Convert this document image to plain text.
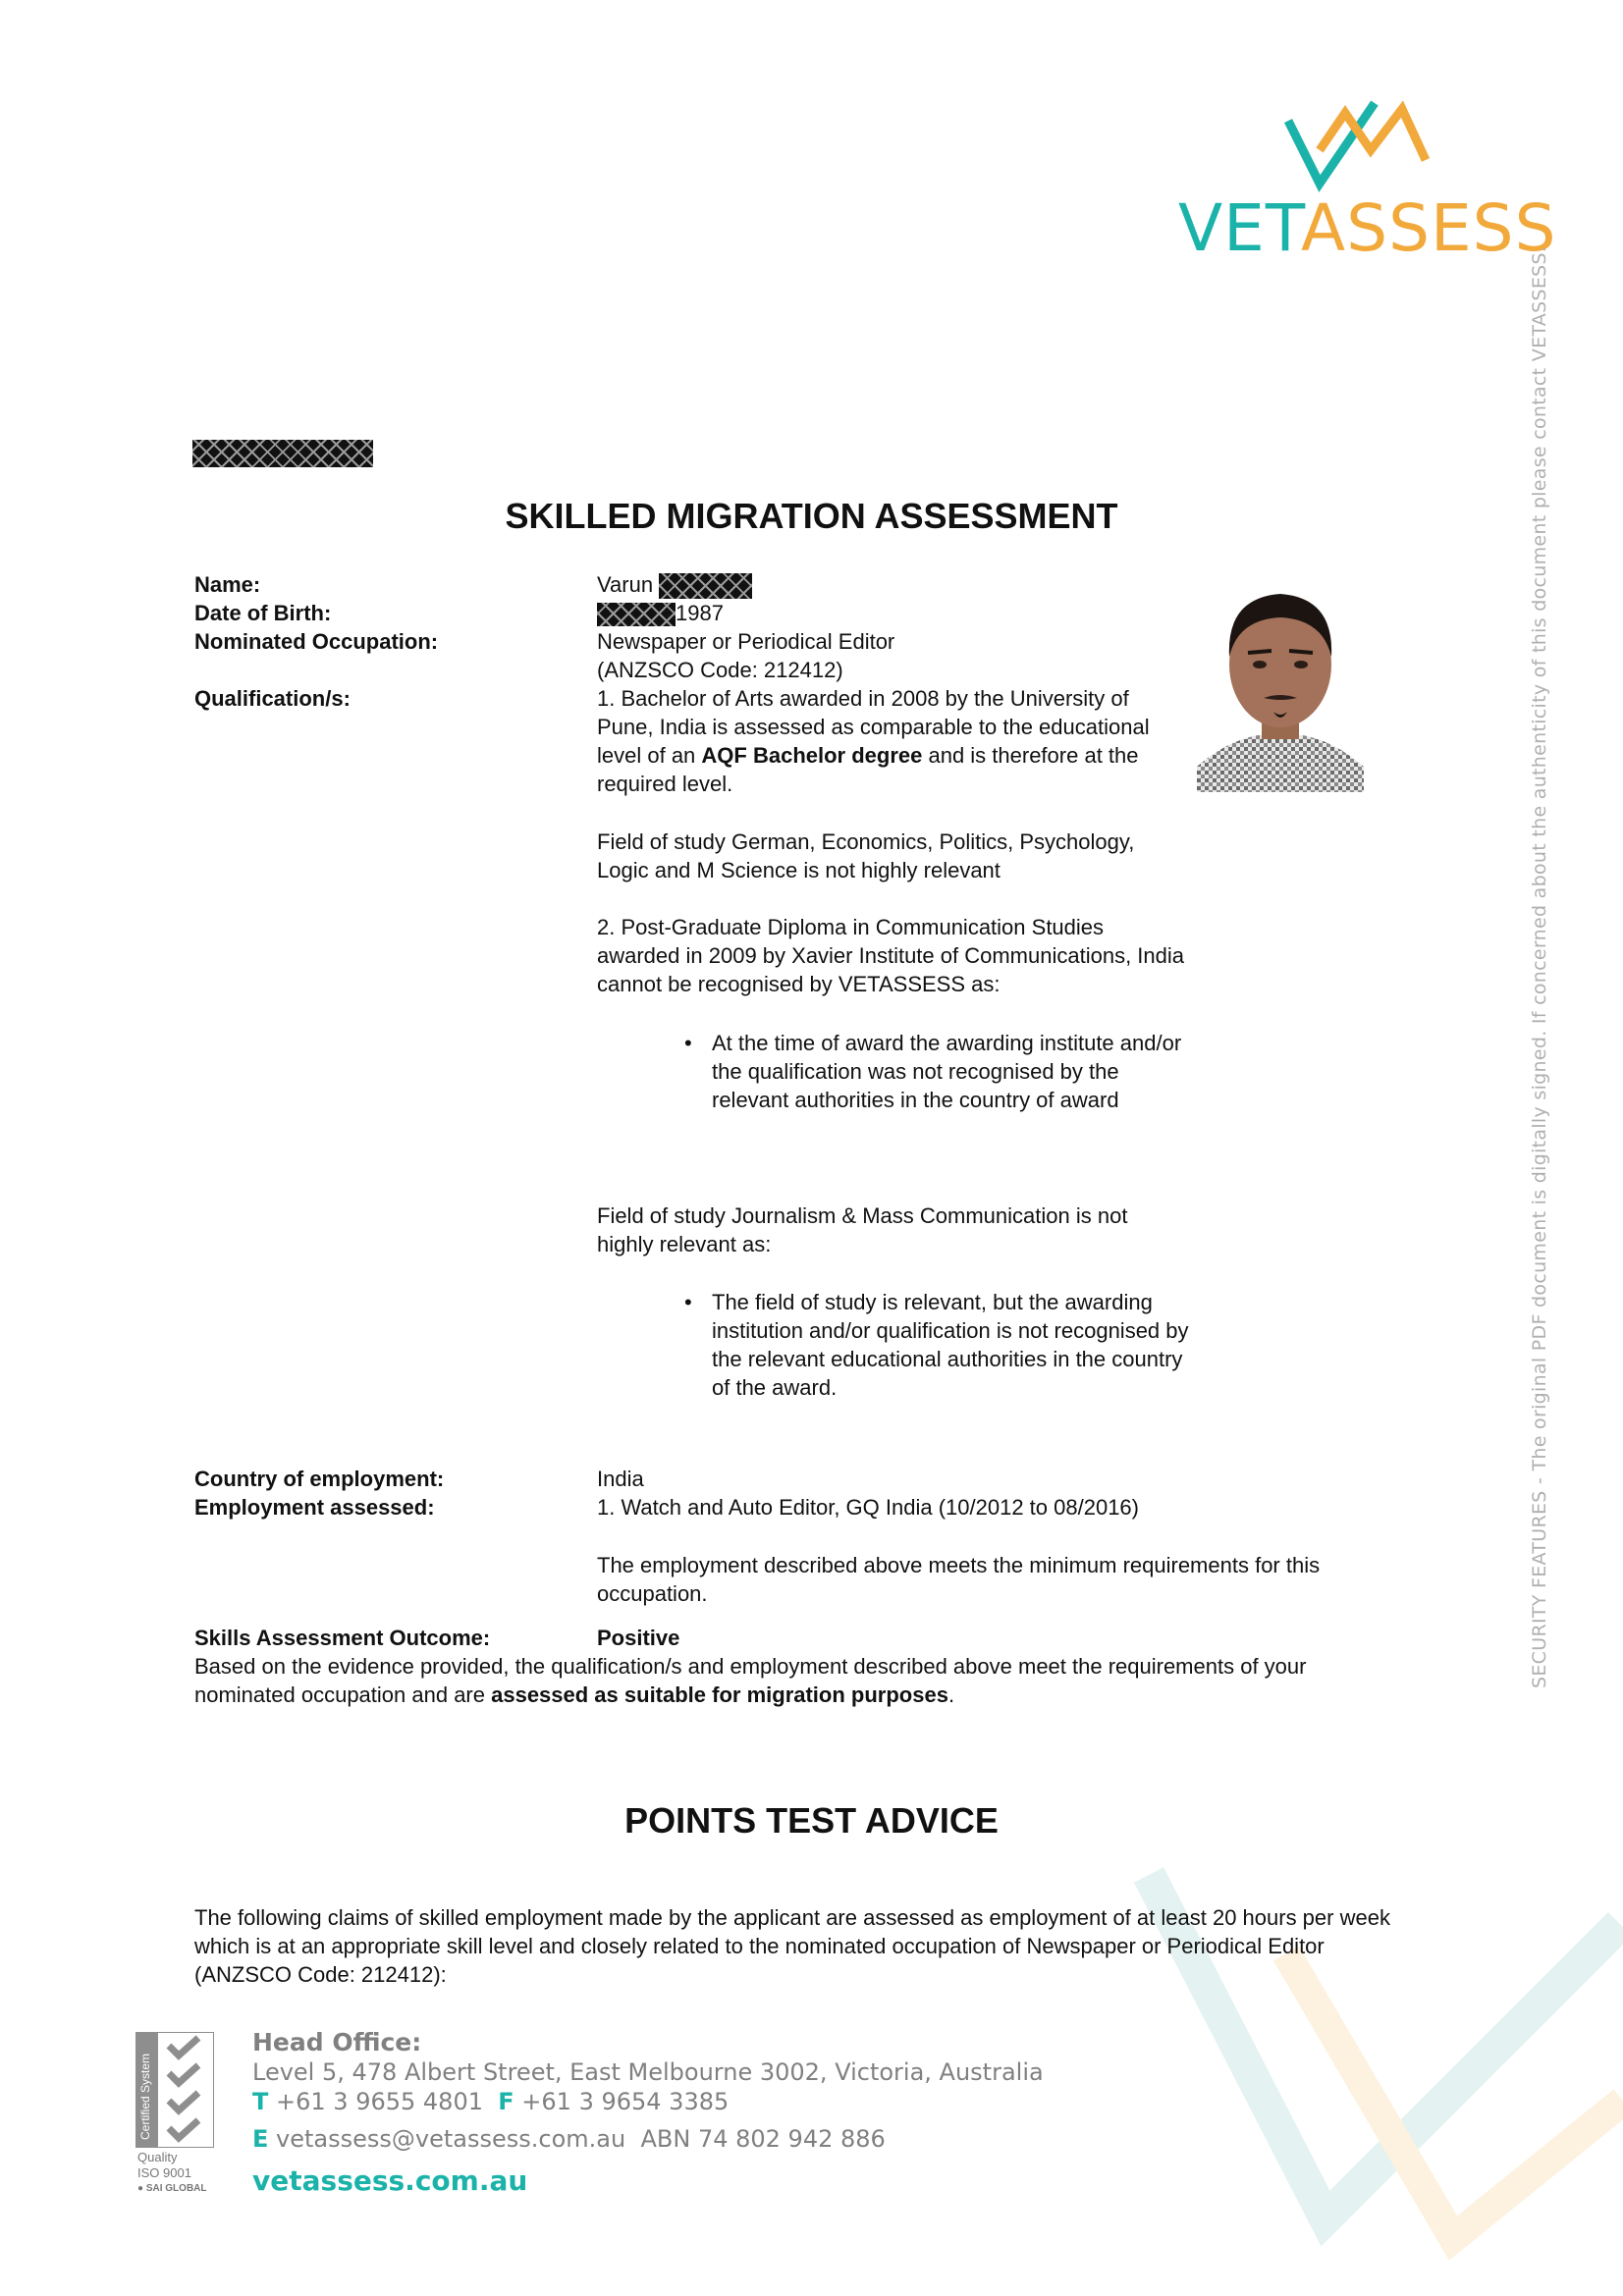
VETASSESS
SECURITY FEATURES - The original PDF document is digitally signed. If concerned about the authenticity of this document please contact VETASSESS.
SKILLED MIGRATION ASSESSMENT
Name:	Varun
Date of Birth:	1987
Nominated Occupation:	Newspaper or Periodical Editor
(ANZSCO Code: 212412)
Qualification/s:	1. Bachelor of Arts awarded in 2008 by the University of Pune, India is assessed as comparable to the educational level of an AQF Bachelor degree and is therefore at the required level.
Field of study German, Economics, Politics, Psychology, Logic and M Science is not highly relevant
2. Post-Graduate Diploma in Communication Studies awarded in 2009 by Xavier Institute of Communications, India cannot be recognised by VETASSESS as:
• At the time of award the awarding institute and/or the qualification was not recognised by the relevant authorities in the country of award
Field of study Journalism & Mass Communication is not highly relevant as:
• The field of study is relevant, but the awarding institution and/or qualification is not recognised by the relevant educational authorities in the country of the award.
Country of employment:	India
Employment assessed:	1. Watch and Auto Editor, GQ India (10/2012 to 08/2016)
The employment described above meets the minimum requirements for this occupation.
Skills Assessment Outcome:	Positive
Based on the evidence provided, the qualification/s and employment described above meet the requirements of your nominated occupation and are assessed as suitable for migration purposes.
POINTS TEST ADVICE
The following claims of skilled employment made by the applicant are assessed as employment of at least 20 hours per week which is at an appropriate skill level and closely related to the nominated occupation of Newspaper or Periodical Editor (ANZSCO Code: 212412):
Certified System
Quality
ISO 9001
● SAI GLOBAL
Head Office:
Level 5, 478 Albert Street, East Melbourne 3002, Victoria, Australia
T +61 3 9655 4801 F +61 3 9654 3385
E vetassess@vetassess.com.au ABN 74 802 942 886
vetassess.com.au
